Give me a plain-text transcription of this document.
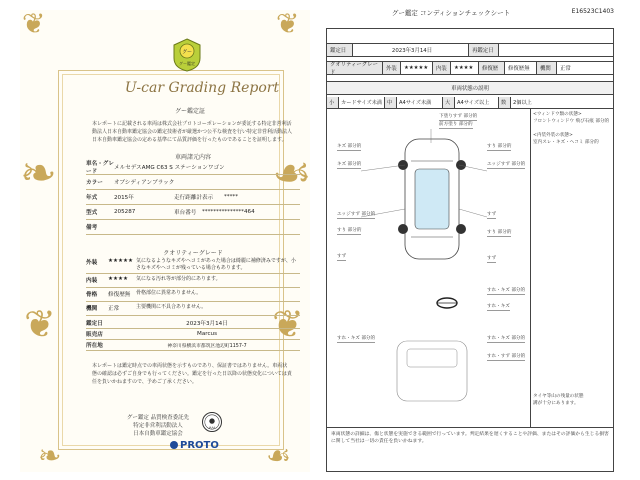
❦	❦
❧	☙
❦	❦
❧	☙
グー
グー鑑定
U-car Grading Report
グー鑑定証
本レポートに記載される車両は株式会社プロトコーポレーションが委託する特定非営利活動法人日本自動車鑑定協会の鑑定技術者が厳選かつ公平な検査を行い特定非営利活動法人日本自動車鑑定協会の定める基準にて品質評価を行ったものであることを証明します。
車両諸元内容
車名・グレード
メルセデスAMG C63 S ステーションワゴン
カラー	オブシディアンブラック
年式	2015年	走行距離計表示	*****
型式	205287	車台番号	***************464
備考
クオリティーグレード
外装	★★★★★ 気になるようなキズやヘコミがあった場合は綺麗に補修済みですが、小さなキズやヘコミが残っている場合もあります。
内装	★★★★	気になる汚れ等が部分的にあります。
骨格	修復歴無	骨格部位に異常ありません。
機関	正常	主要機関に不具合ありません。
鑑定日	2023年3月14日
販売店	Marcus
所在地	神奈川県横浜市都筑区池辺町1157-7
本レポートは鑑定時点での車両状態を示すものであり、保証書ではありません。車両状態の確認は必ずご自身でも行ってください。鑑定を行った日以降の状態変化については責任を負いかねますので、予めご了承ください。
グー鑑定 品質検査委託先
特定非営利活動法人
日本自動車鑑定協会
JAAA
PROTO
グー鑑定 コンディションチェックシート	E16523C1403
鑑定日	2023年3月14日	再鑑定日
クオリティーグレード
外装	★★★★★	内装	★★★★	修復歴	修復歴無	機関	正常
車両状態の説明
小	カードサイズ未満 中	A4サイズ未満	大	A4サイズ以上	数	2個以上
下塗りすず 部分的
前方塗り 部分的
キズ 部分的	すり 部分的
エッジすず 部分的
キズ 部分的
エッジすず 部分的
すり 部分的
すず
すり 部分的
すず	すず
すれ・キズ 部分的
すれ・キズ
すれ・キズ 部分的	すれ・キズ 部分的
すれ・すず 部分的
<ウィンドウ類の状態>
フロントウィンドウ 飛び石痕 部分的

<内装外装の状態>
室内スレ・キズ・ヘコミ 部分的
タイヤ等山の残量の状態
溝が十分にあります。
車両状態の詳細は、傷と状態を実施できる範囲で行っています。判定結果を遅くすることや評価、またはその評価から生じる損害に関して当社は一切の責任を負いかねます。
